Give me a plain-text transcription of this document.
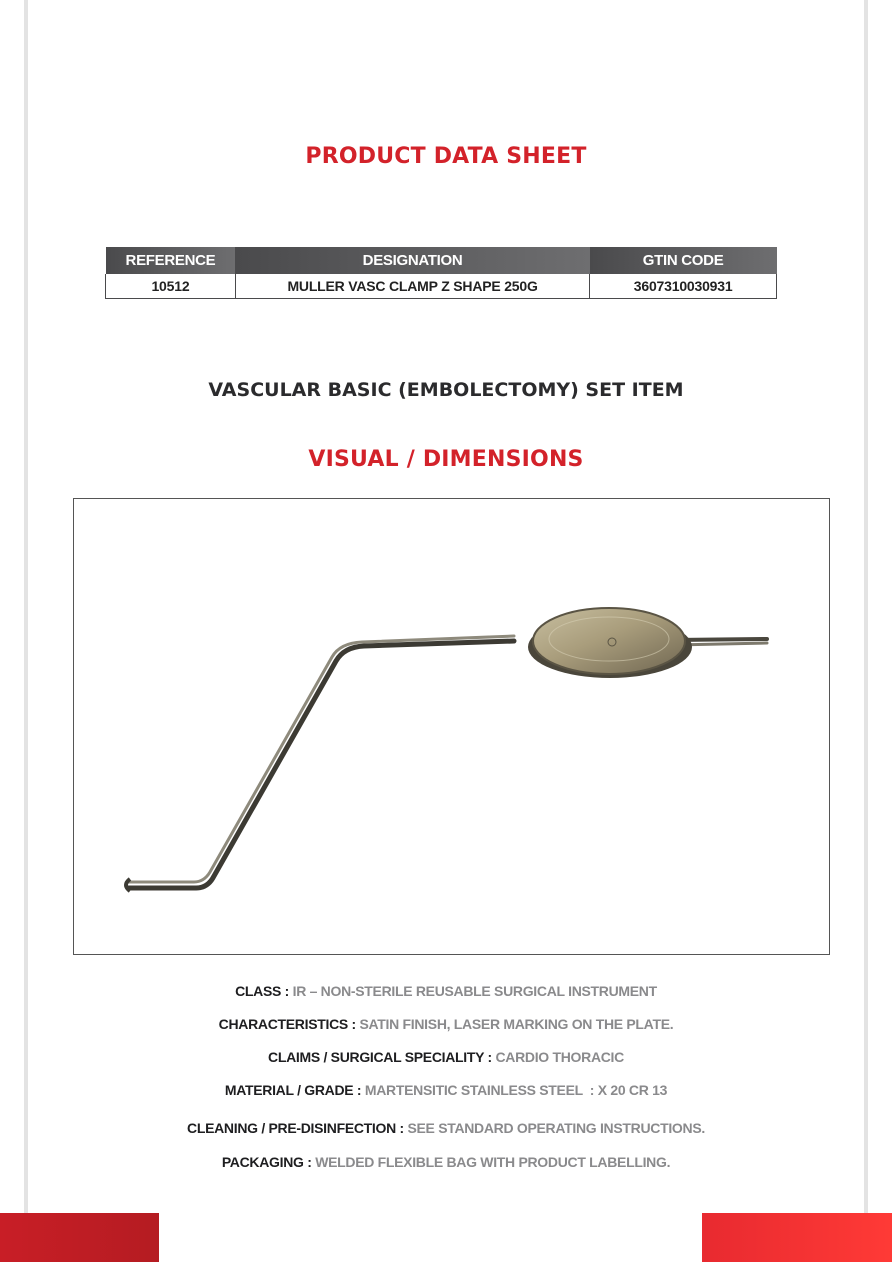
PRODUCT DATA SHEET
REFERENCE	DESIGNATION	GTIN CODE
10512	MULLER VASC CLAMP Z SHAPE 250G	3607310030931
VASCULAR BASIC (EMBOLECTOMY) SET ITEM
VISUAL / DIMENSIONS
CLASS : IR – NON-STERILE REUSABLE SURGICAL INSTRUMENT
CHARACTERISTICS : SATIN FINISH, LASER MARKING ON THE PLATE.
CLAIMS / SURGICAL SPECIALITY : CARDIO THORACIC
MATERIAL / GRADE : MARTENSITIC STAINLESS STEEL  : X 20 CR 13
CLEANING / PRE-DISINFECTION : SEE STANDARD OPERATING INSTRUCTIONS.
PACKAGING : WELDED FLEXIBLE BAG WITH PRODUCT LABELLING.
